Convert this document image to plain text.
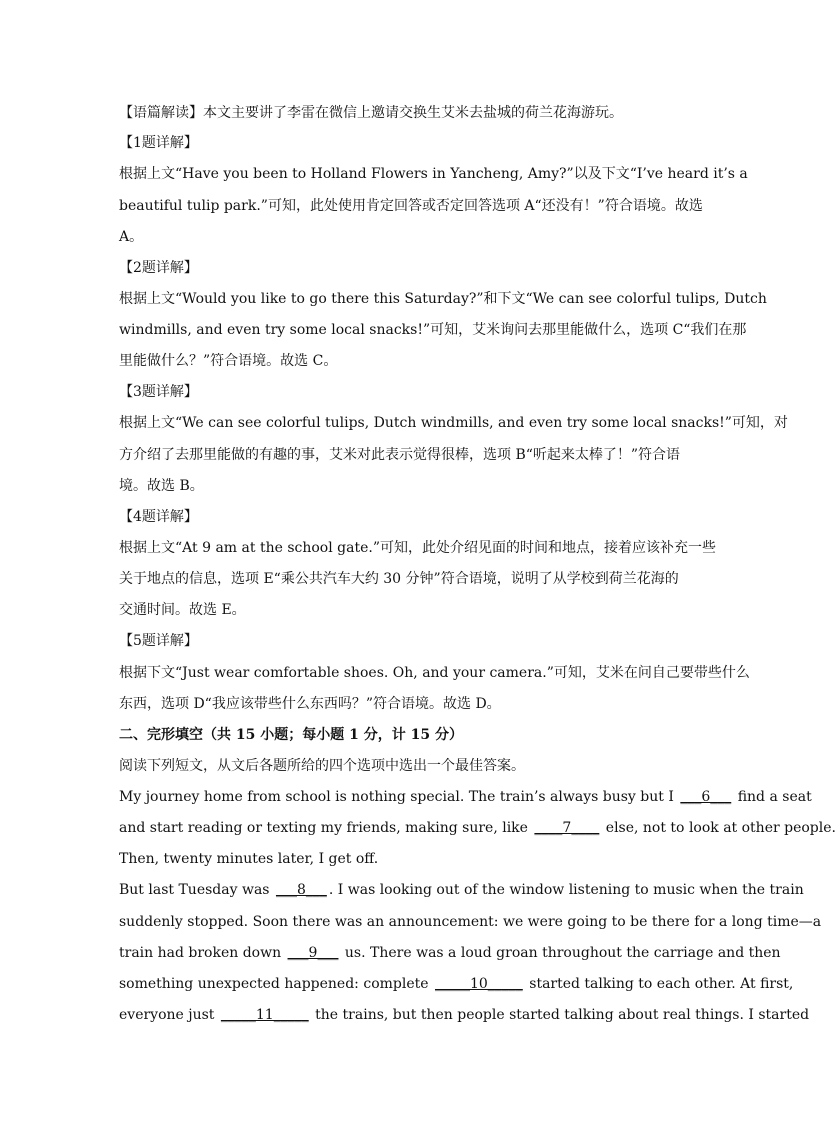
【语篇解读】本文主要讲了李雷在微信上邀请交换生艾米去盐城的荷兰花海游玩。
【1题详解】
根据上文“Have you been to Holland Flowers in Yancheng, Amy?”以及下文“I’ve heard it’s a
beautiful tulip park.”可知，此处使用肯定回答或否定回答选项 A“还没有！”符合语境。故选
A。
【2题详解】
根据上文“Would you like to go there this Saturday?”和下文“We can see colorful tulips, Dutch
windmills, and even try some local snacks!”可知，艾米询问去那里能做什么，选项 C“我们在那
里能做什么？”符合语境。故选 C。
【3题详解】
根据上文“We can see colorful tulips, Dutch windmills, and even try some local snacks!”可知，对
方介绍了去那里能做的有趣的事，艾米对此表示觉得很棒，选项 B“听起来太棒了！”符合语
境。故选 B。
【4题详解】
根据上文“At 9 am at the school gate.”可知，此处介绍见面的时间和地点，接着应该补充一些
关于地点的信息，选项 E“乘公共汽车大约 30 分钟”符合语境，说明了从学校到荷兰花海的
交通时间。故选 E。
【5题详解】
根据下文“Just wear comfortable shoes. Oh, and your camera.”可知，艾米在问自己要带些什么
东西，选项 D“我应该带些什么东西吗？”符合语境。故选 D。
二、完形填空（共 15 小题；每小题 1 分，计 15 分）
阅读下列短文，从文后各题所给的四个选项中选出一个最佳答案。
My journey home from school is nothing special. The train’s always busy but I ___6___ find a seat
and start reading or texting my friends, making sure, like ____7____ else, not to look at other people.
Then, twenty minutes later, I get off.
But last Tuesday was ___8___ . I was looking out of the window listening to music when the train
suddenly stopped. Soon there was an announcement: we were going to be there for a long time—a
train had broken down ___9___ us. There was a loud groan throughout the carriage and then
something unexpected happened: complete _____10_____ started talking to each other. At first,
everyone just _____11_____ the trains, but then people started talking about real things. I started
